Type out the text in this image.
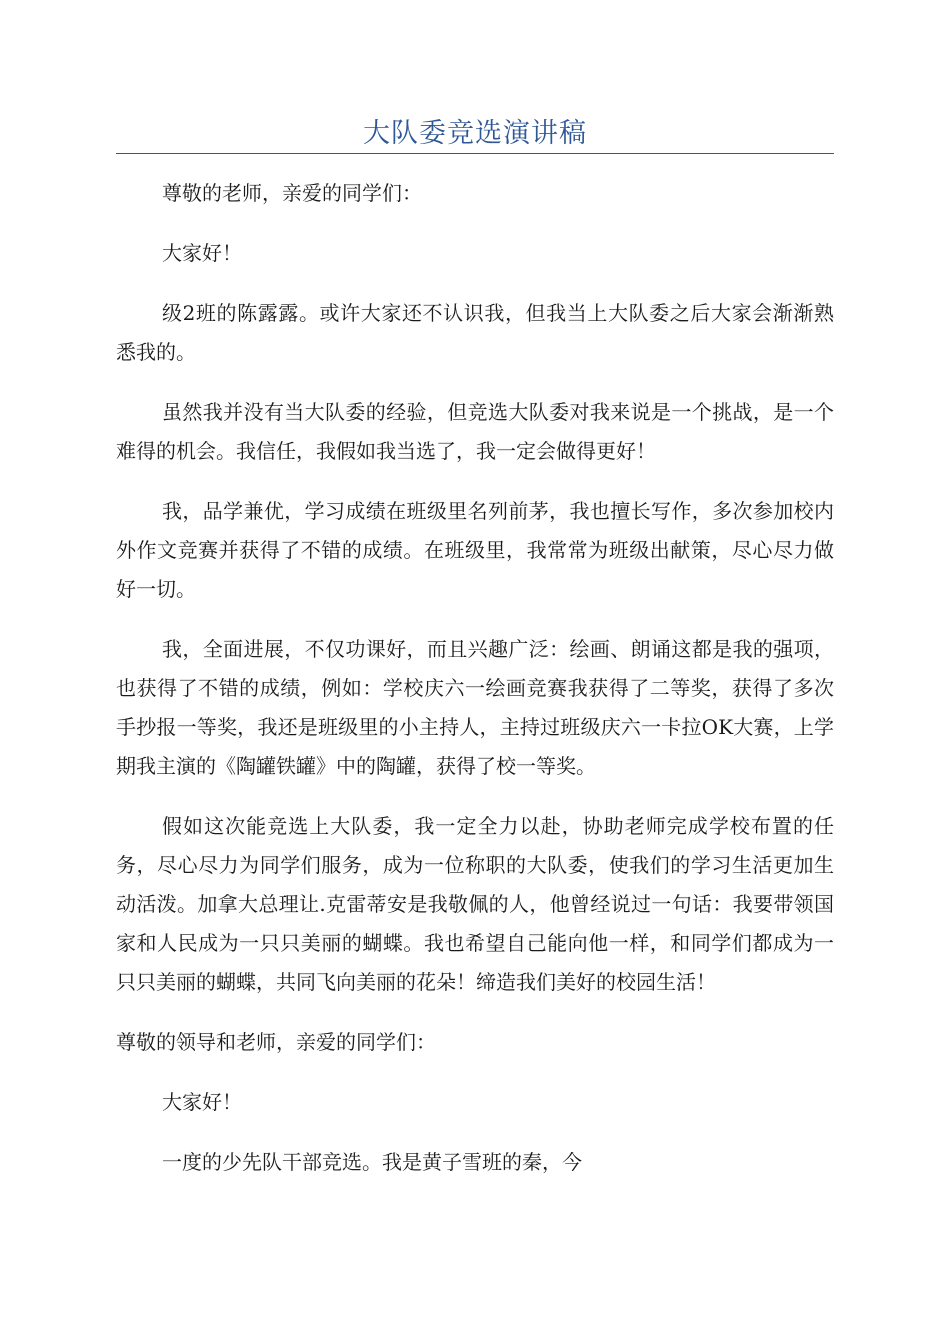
大队委竞选演讲稿

尊敬的老师，亲爱的同学们：

大家好！

级2班的陈露露。或许大家还不认识我，但我当上大队委之后大家会渐渐熟悉我的。

虽然我并没有当大队委的经验，但竞选大队委对我来说是一个挑战，是一个难得的机会。我信任，我假如我当选了，我一定会做得更好！

我，品学兼优，学习成绩在班级里名列前茅，我也擅长写作，多次参加校内外作文竞赛并获得了不错的成绩。在班级里，我常常为班级出献策，尽心尽力做好一切。

我，全面进展，不仅功课好，而且兴趣广泛：绘画、朗诵这都是我的强项，也获得了不错的成绩，例如：学校庆六一绘画竞赛我获得了二等奖，获得了多次手抄报一等奖，我还是班级里的小主持人，主持过班级庆六一卡拉OK大赛，上学期我主演的《陶罐铁罐》中的陶罐，获得了校一等奖。

假如这次能竞选上大队委，我一定全力以赴，协助老师完成学校布置的任务，尽心尽力为同学们服务，成为一位称职的大队委，使我们的学习生活更加生动活泼。加拿大总理让.克雷蒂安是我敬佩的人，他曾经说过一句话：我要带领国家和人民成为一只只美丽的蝴蝶。我也希望自己能向他一样，和同学们都成为一只只美丽的蝴蝶，共同飞向美丽的花朵！缔造我们美好的校园生活！

尊敬的领导和老师，亲爱的同学们：

大家好！

一度的少先队干部竞选。我是黄子雪班的秦，今
